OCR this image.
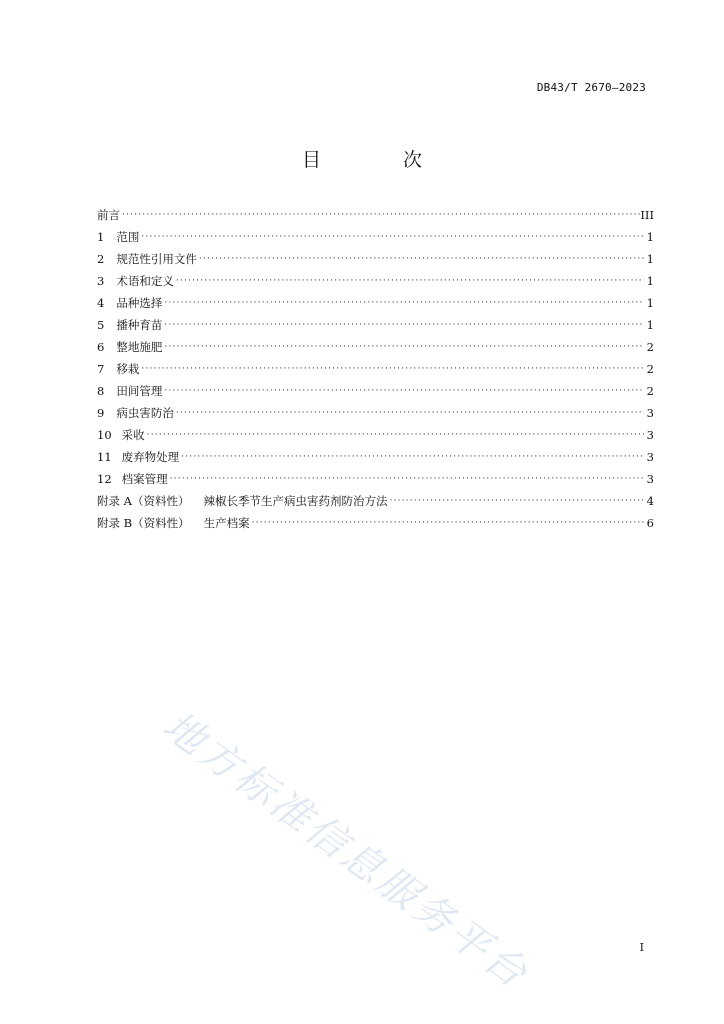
DB43/T 2670—2023
目 次
前言 ·····	III
1 范围 ·····	1
2 规范性引用文件 ·····	1
3 术语和定义 ·····	1
4 品种选择 ·····	1
5 播种育苗 ·····	1
6 整地施肥 ·····	2
7 移栽 ·····	2
8 田间管理 ·····	2
9 病虫害防治 ·····	3
10 采收 ·····	3
11 废弃物处理 ·····	3
12 档案管理 ·····	3
附录 A（资料性） 辣椒长季节生产病虫害药剂防治方法 ·····	4
附录 B（资料性） 生产档案 ·····	6
地方标准信息服务平台	I
